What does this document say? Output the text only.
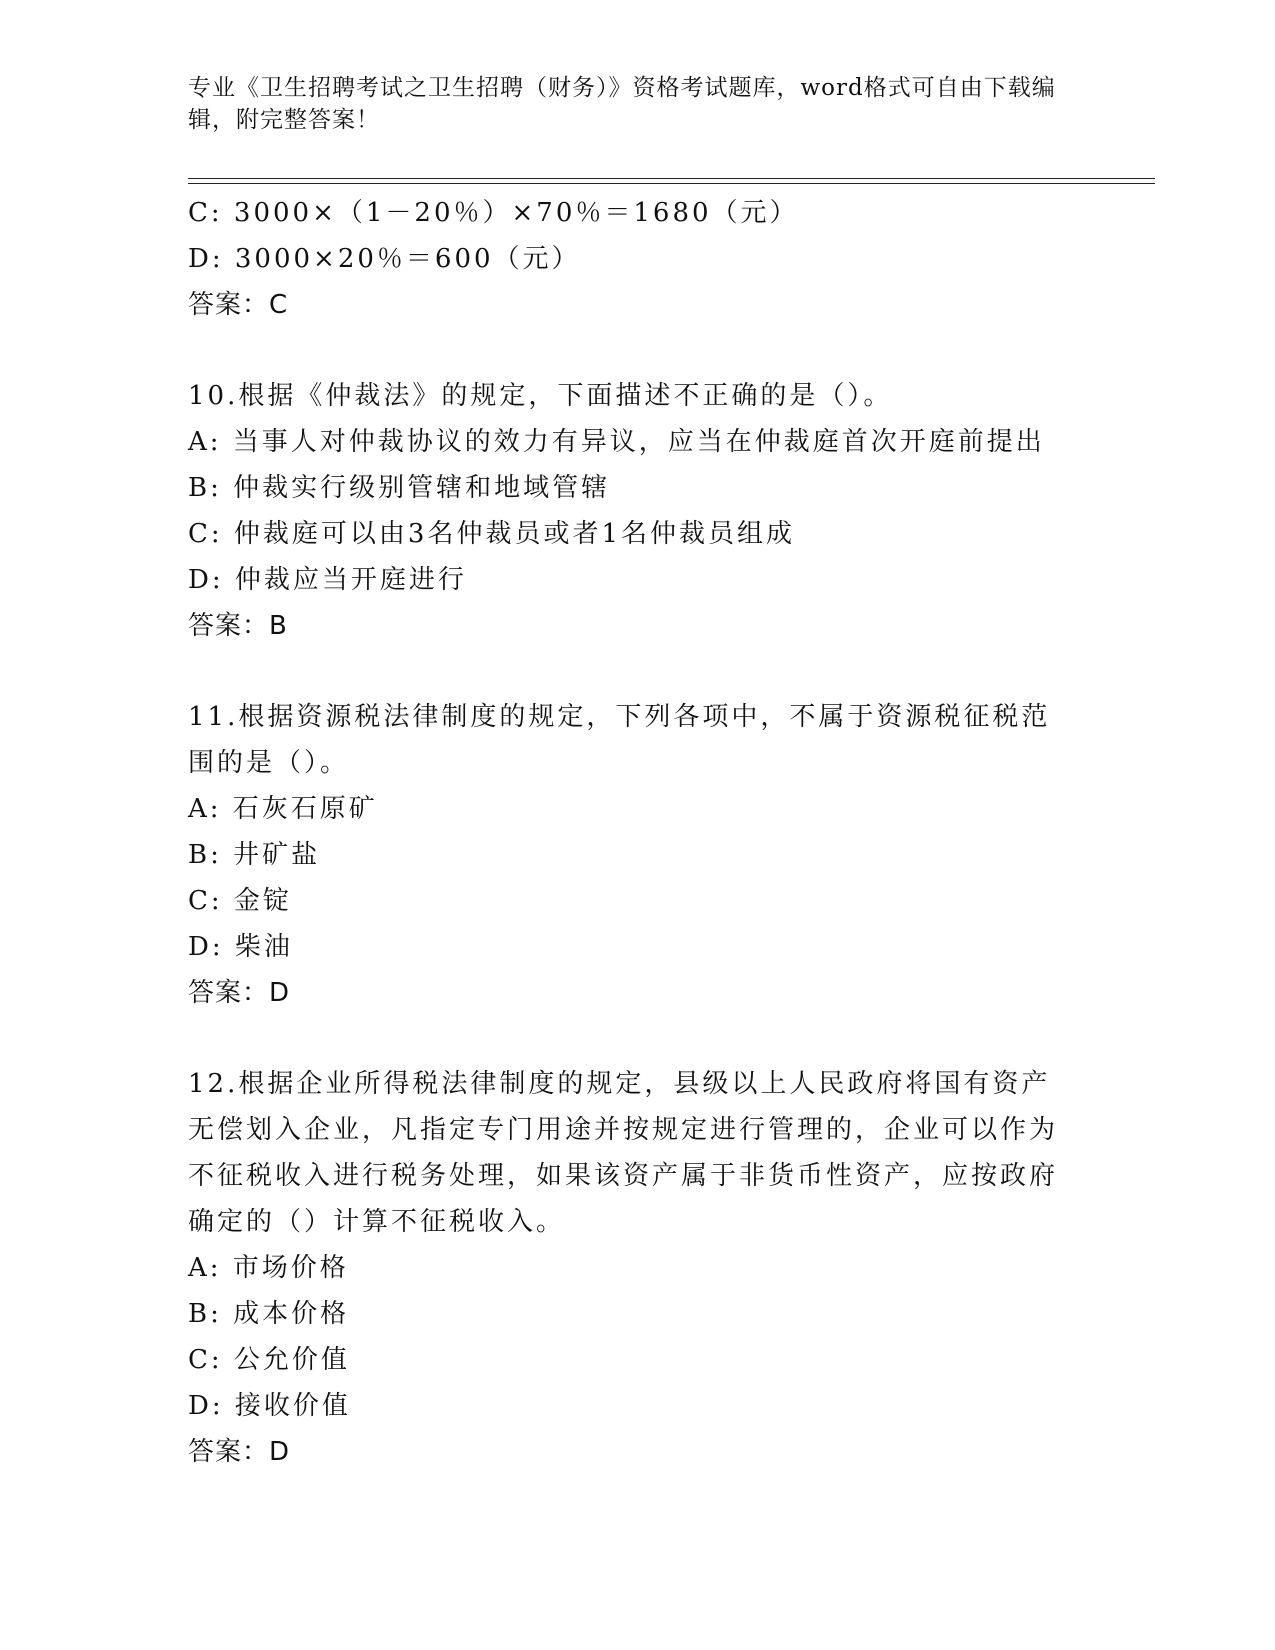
专业《卫生招聘考试之卫生招聘（财务）》资格考试题库，word格式可自由下载编辑，附完整答案！
C: 3000×（1－20％）×70％＝1680（元）
D: 3000×20％＝600（元）
答案：C
10.根据《仲裁法》的规定，下面描述不正确的是（）。
A: 当事人对仲裁协议的效力有异议，应当在仲裁庭首次开庭前提出
B: 仲裁实行级别管辖和地域管辖
C: 仲裁庭可以由3名仲裁员或者1名仲裁员组成
D: 仲裁应当开庭进行
答案：B
11.根据资源税法律制度的规定，下列各项中，不属于资源税征税范围的是（）。
A: 石灰石原矿
B: 井矿盐
C: 金锭
D: 柴油
答案：D
12.根据企业所得税法律制度的规定，县级以上人民政府将国有资产无偿划入企业，凡指定专门用途并按规定进行管理的，企业可以作为不征税收入进行税务处理，如果该资产属于非货币性资产，应按政府确定的（）计算不征税收入。
A: 市场价格
B: 成本价格
C: 公允价值
D: 接收价值
答案：D
